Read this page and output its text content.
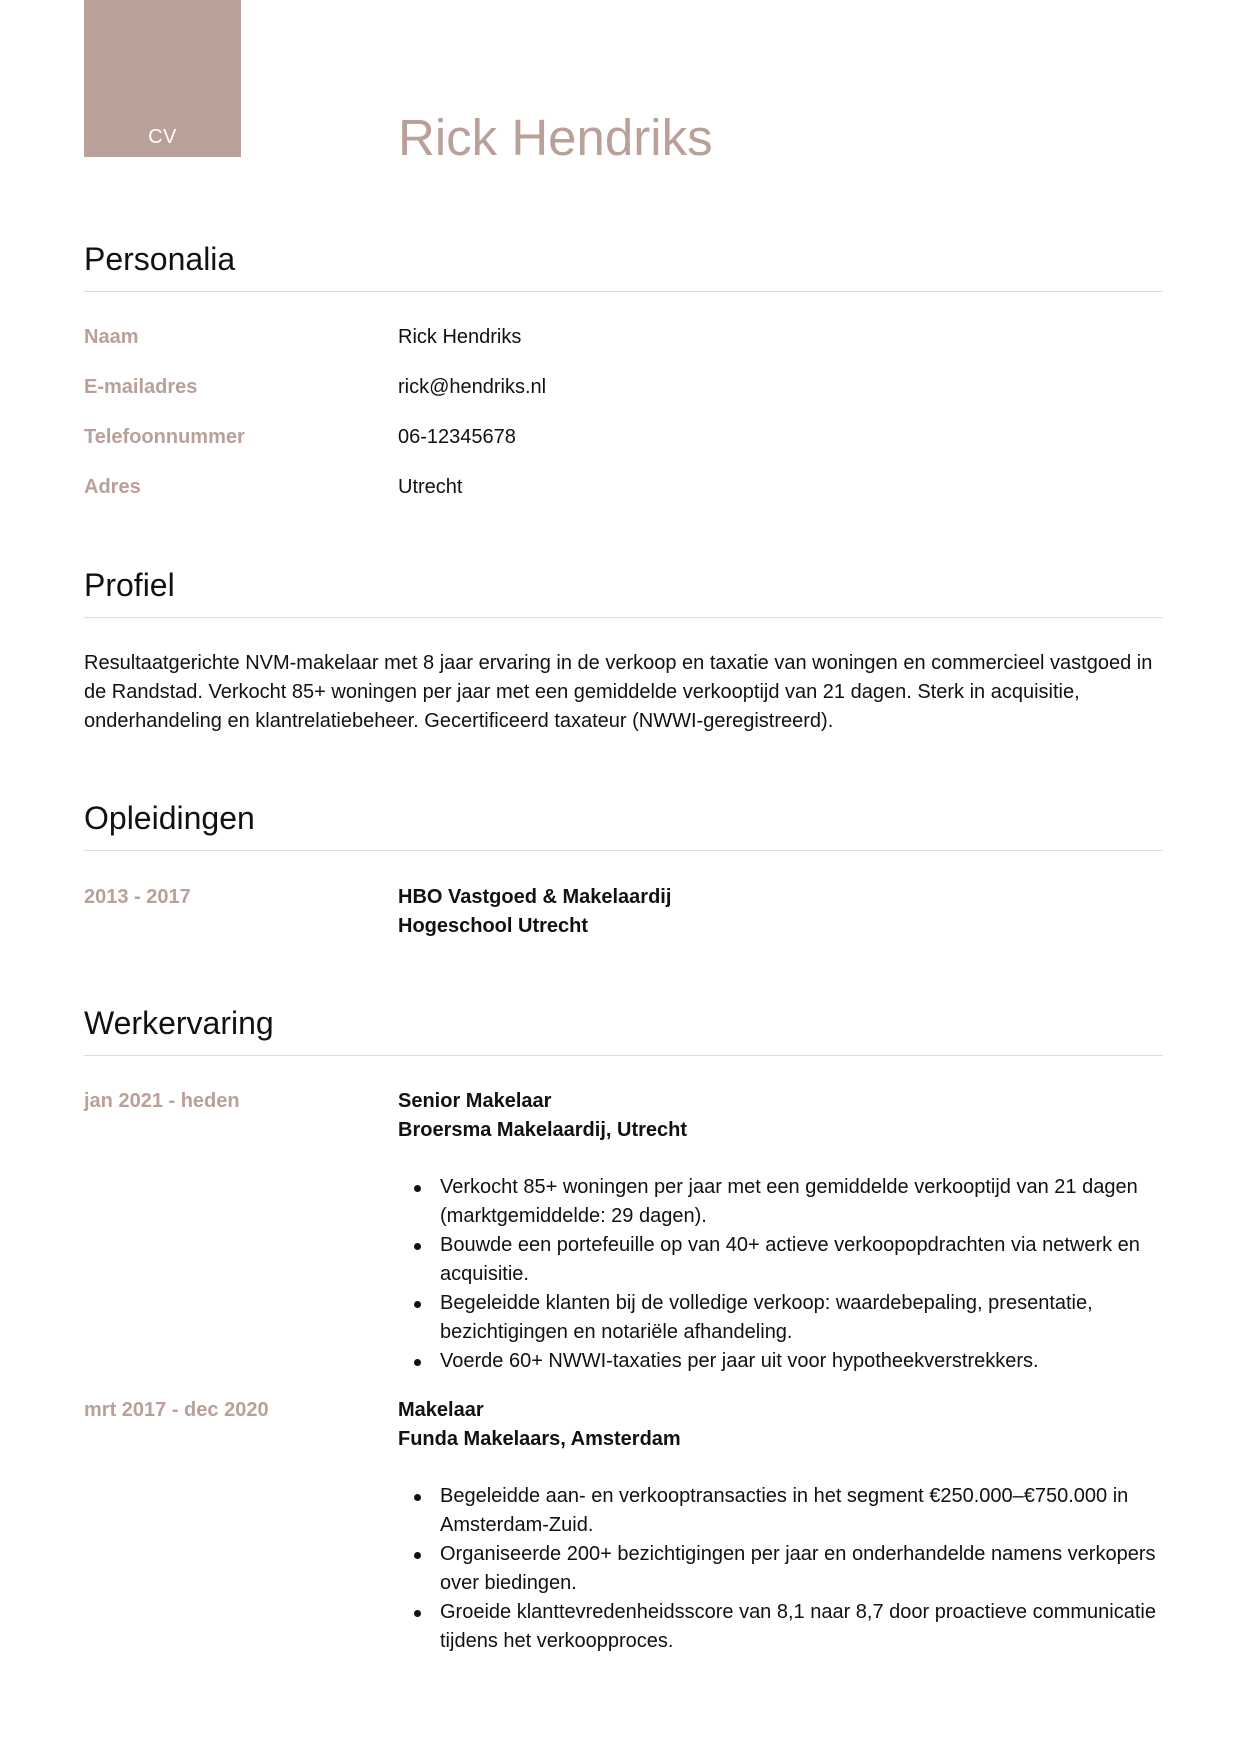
CV	Rick Hendriks
Personalia
Naam	Rick Hendriks
E-mailadres	rick@hendriks.nl
Telefoonnummer	06-12345678
Adres	Utrecht
Profiel

Resultaatgerichte NVM-makelaar met 8 jaar ervaring in de verkoop en taxatie van woningen en commercieel vastgoed in de Randstad. Verkocht 85+ woningen per jaar met een gemiddelde verkooptijd van 21 dagen. Sterk in acquisitie, onderhandeling en klantrelatiebeheer. Gecertificeerd taxateur (NWWI-geregistreerd).

Opleidingen
2013 - 2017	HBO Vastgoed & Makelaardij
Hogeschool Utrecht
Werkervaring
jan 2021 - heden	Senior Makelaar
Broersma Makelaardij, Utrecht
Verkocht 85+ woningen per jaar met een gemiddelde verkooptijd van 21 dagen (marktgemiddelde: 29 dagen).
Bouwde een portefeuille op van 40+ actieve verkoopopdrachten via netwerk en acquisitie.
Begeleidde klanten bij de volledige verkoop: waardebepaling, presentatie, bezichtigingen en notariële afhandeling.
Voerde 60+ NWWI-taxaties per jaar uit voor hypotheekverstrekkers.
mrt 2017 - dec 2020	Makelaar
Funda Makelaars, Amsterdam
Begeleidde aan- en verkooptransacties in het segment €250.000–€750.000 in Amsterdam-Zuid.
Organiseerde 200+ bezichtigingen per jaar en onderhandelde namens verkopers over biedingen.
Groeide klanttevredenheidsscore van 8,1 naar 8,7 door proactieve communicatie tijdens het verkoopproces.
